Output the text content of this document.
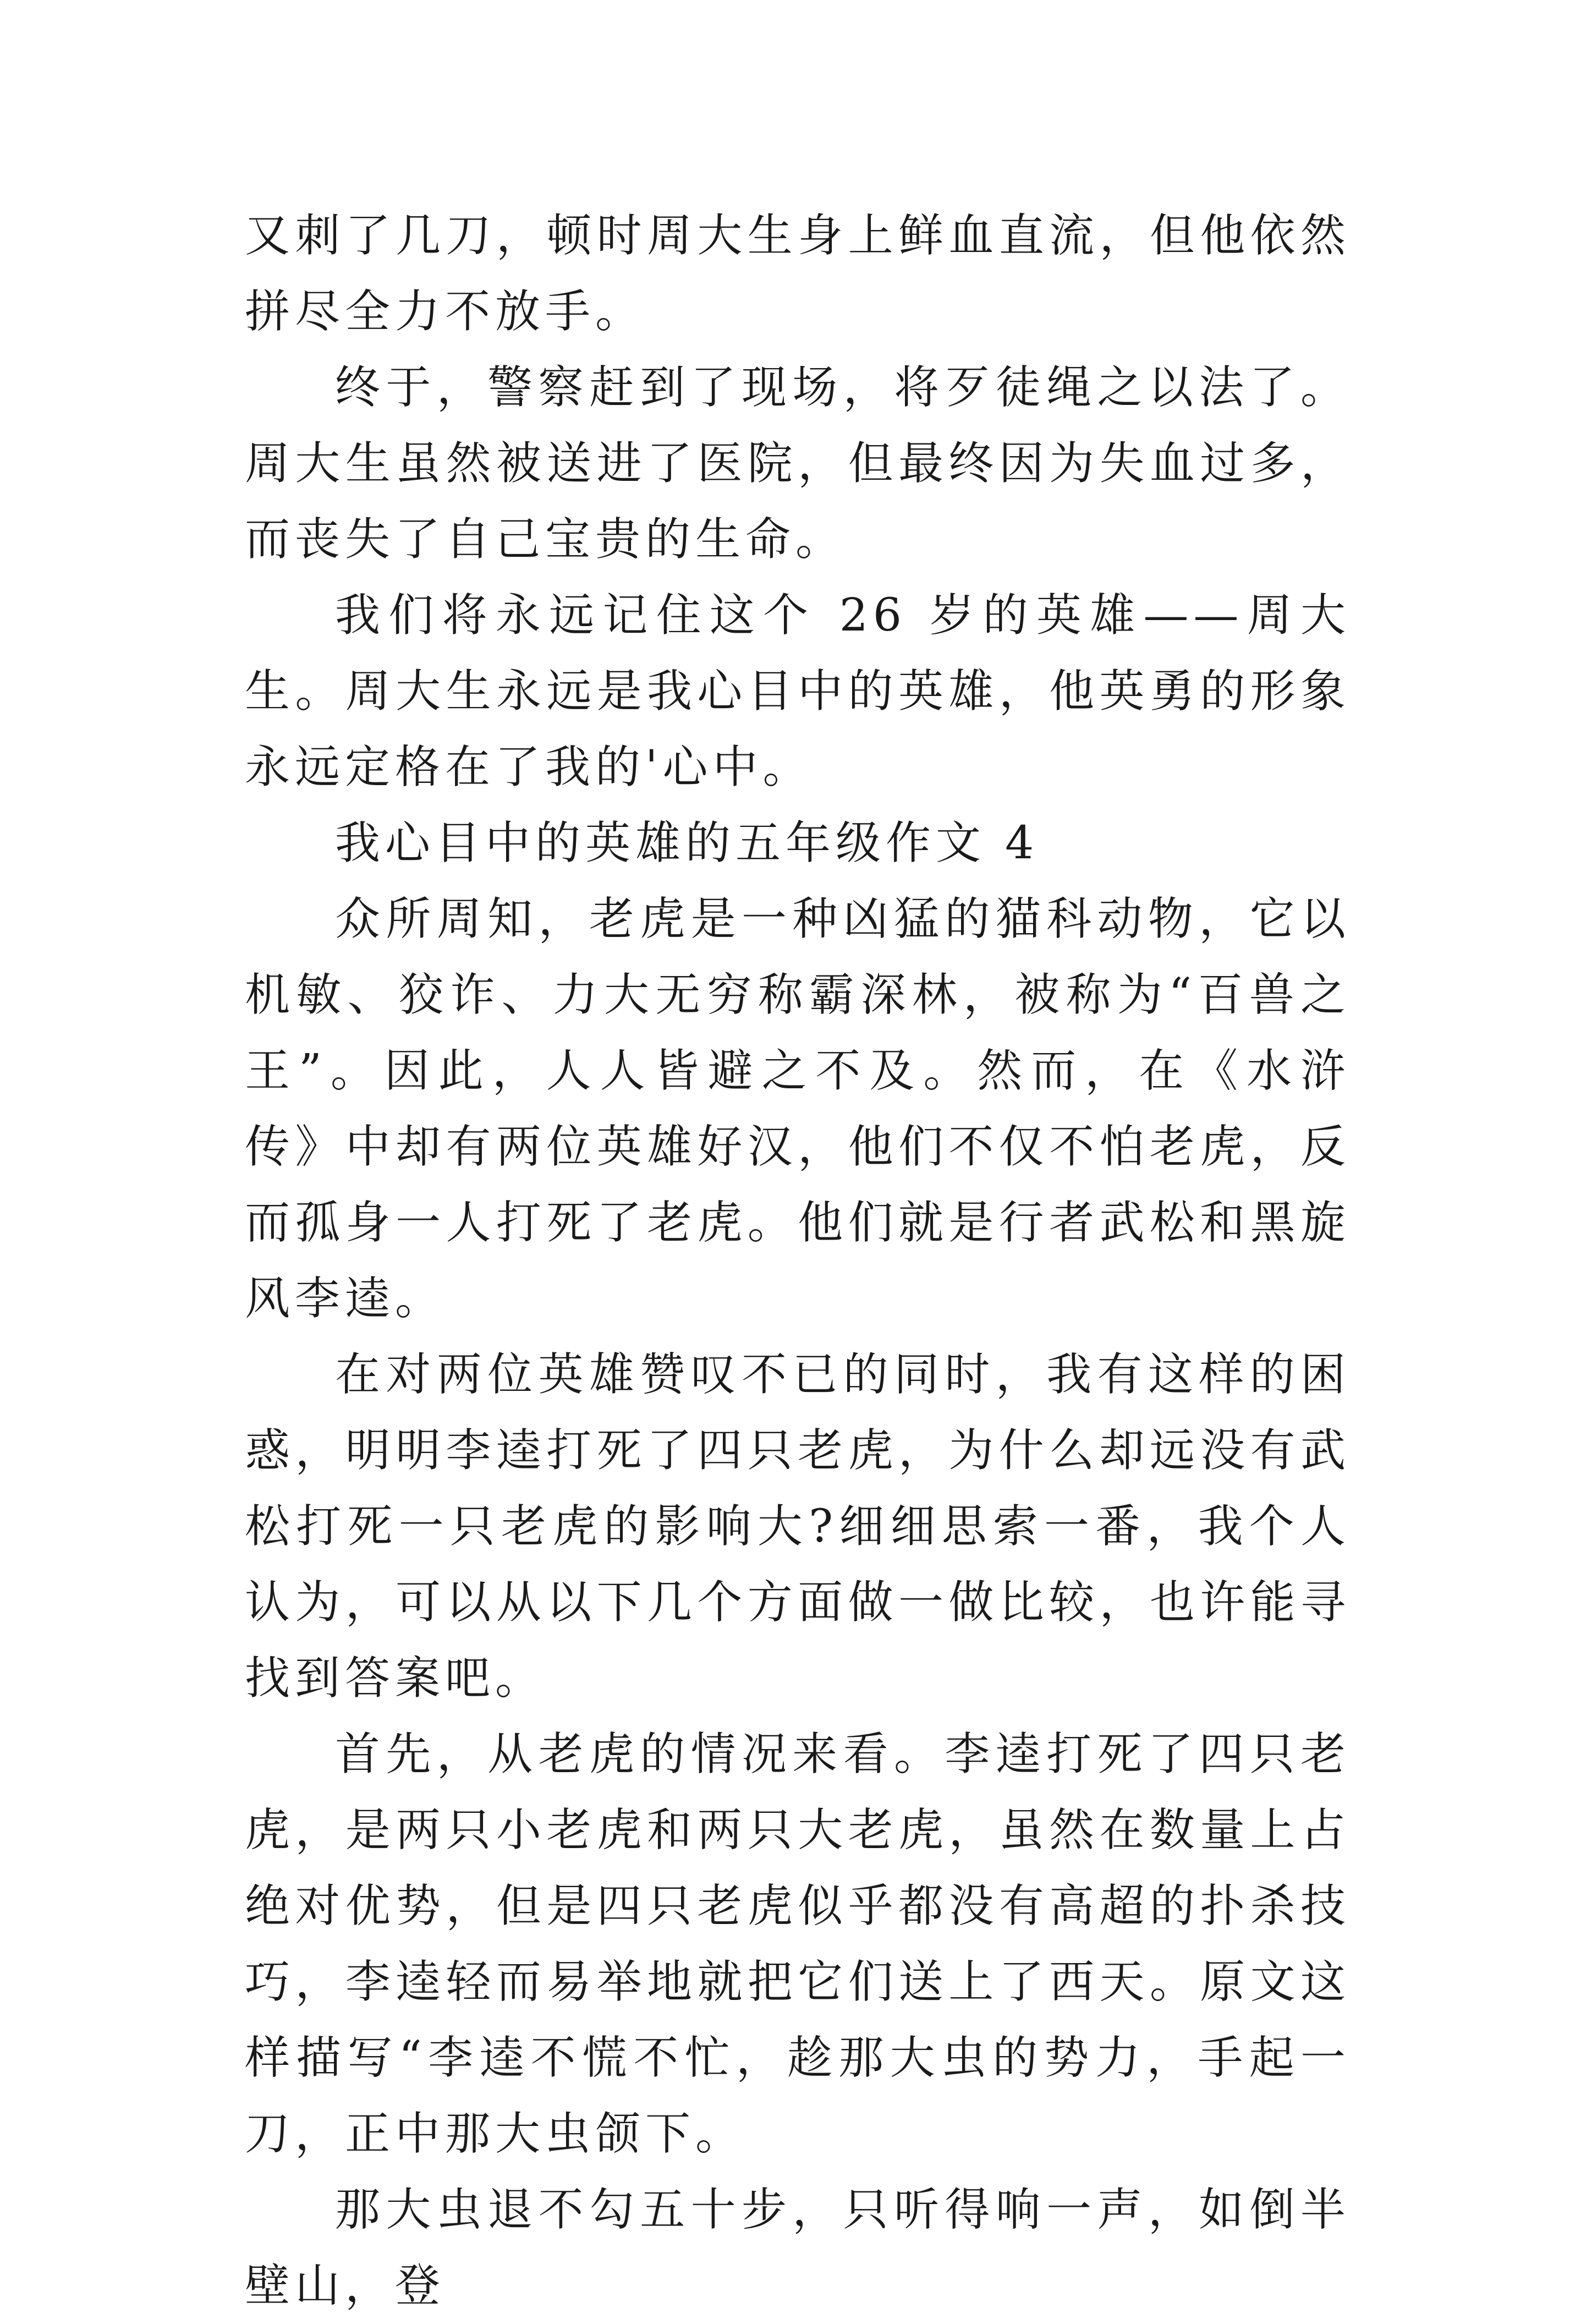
又刺了几刀，顿时周大生身上鲜血直流，但他依然拼尽全力不放手。

终于，警察赶到了现场，将歹徒绳之以法了。周大生虽然被送进了医院，但最终因为失血过多，而丧失了自己宝贵的生命。

我们将永远记住这个 26 岁的英雄——周大生。周大生永远是我心目中的英雄，他英勇的形象永远定格在了我的'心中。

我心目中的英雄的五年级作文 4

众所周知，老虎是一种凶猛的猫科动物，它以机敏、狡诈、力大无穷称霸深林，被称为“百兽之王”。因此，人人皆避之不及。然而，在《水浒传》中却有两位英雄好汉，他们不仅不怕老虎，反而孤身一人打死了老虎。他们就是行者武松和黑旋风李逵。

在对两位英雄赞叹不已的同时，我有这样的困惑，明明李逵打死了四只老虎，为什么却远没有武松打死一只老虎的影响大?细细思索一番，我个人认为，可以从以下几个方面做一做比较，也许能寻找到答案吧。

首先，从老虎的情况来看。李逵打死了四只老虎，是两只小老虎和两只大老虎，虽然在数量上占绝对优势，但是四只老虎似乎都没有高超的扑杀技巧，李逵轻而易举地就把它们送上了西天。原文这样描写“李逵不慌不忙，趁那大虫的势力，手起一刀，正中那大虫颌下。

那大虫退不勾五十步，只听得响一声，如倒半壁山，登
